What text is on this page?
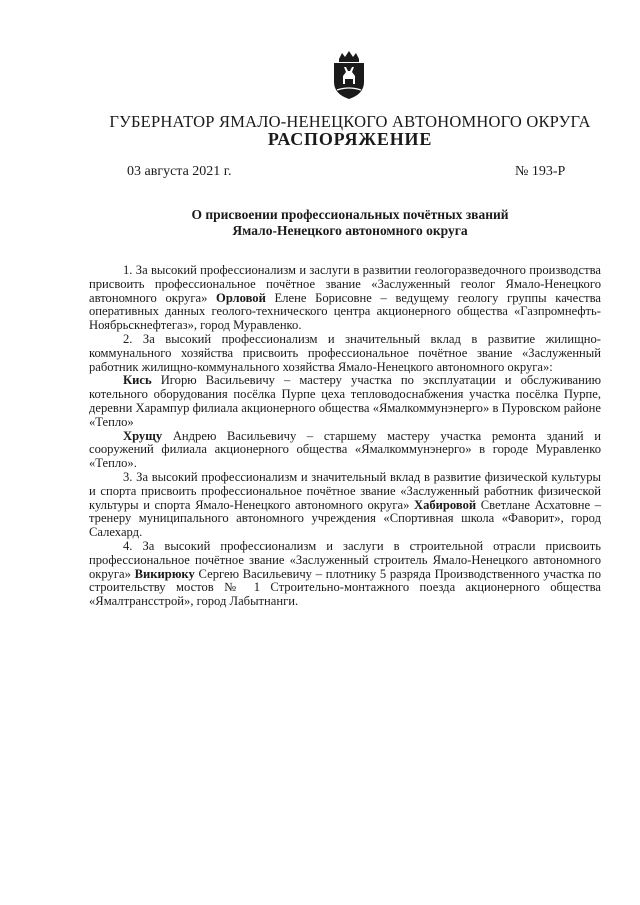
ГУБЕРНАТОР ЯМАЛО-НЕНЕЦКОГО АВТОНОМНОГО ОКРУГА
РАСПОРЯЖЕНИЕ
03 августа 2021 г.	№ 193-Р
О присвоении профессиональных почётных званий
Ямало-Ненецкого автономного округа

1. За высокий профессионализм и заслуги в развитии геологоразведочного производства присвоить профессиональное почётное звание «Заслуженный геолог Ямало-Ненецкого автономного округа» Орловой Елене Борисовне – ведущему геологу группы качества оперативных данных геолого-технического центра акционерного общества «Газпромнефть-Ноябрьскнефтегаз», город Муравленко.

2. За высокий профессионализм и значительный вклад в развитие жилищно-коммунального хозяйства присвоить профессиональное почётное звание «Заслуженный работник жилищно-коммунального хозяйства Ямало-Ненецкого автономного округа»:

Кись Игорю Васильевичу – мастеру участка по эксплуатации и обслуживанию котельного оборудования посёлка Пурпе цеха тепловодоснабжения участка посёлка Пурпе, деревни Харампур филиала акционерного общества «Ямалкоммунэнерго» в Пуровском районе «Тепло»

Хрущу Андрею Васильевичу – старшему мастеру участка ремонта зданий и сооружений филиала акционерного общества «Ямалкоммунэнерго» в городе Муравленко «Тепло».

3. За высокий профессионализм и значительный вклад в развитие физической культуры и спорта присвоить профессиональное почётное звание «Заслуженный работник физической культуры и спорта Ямало-Ненецкого автономного округа» Хабировой Светлане Асхатовне – тренеру муниципального автономного учреждения «Спортивная школа «Фаворит», город Салехард.

4. За высокий профессионализм и заслуги в строительной отрасли присвоить профессиональное почётное звание «Заслуженный строитель Ямало-Ненецкого автономного округа» Викирюку Сергею Васильевичу – плотнику 5 разряда Производственного участка по строительству мостов № 1 Строительно-монтажного поезда акционерного общества «Ямалтрансстрой», город Лабытнанги.
